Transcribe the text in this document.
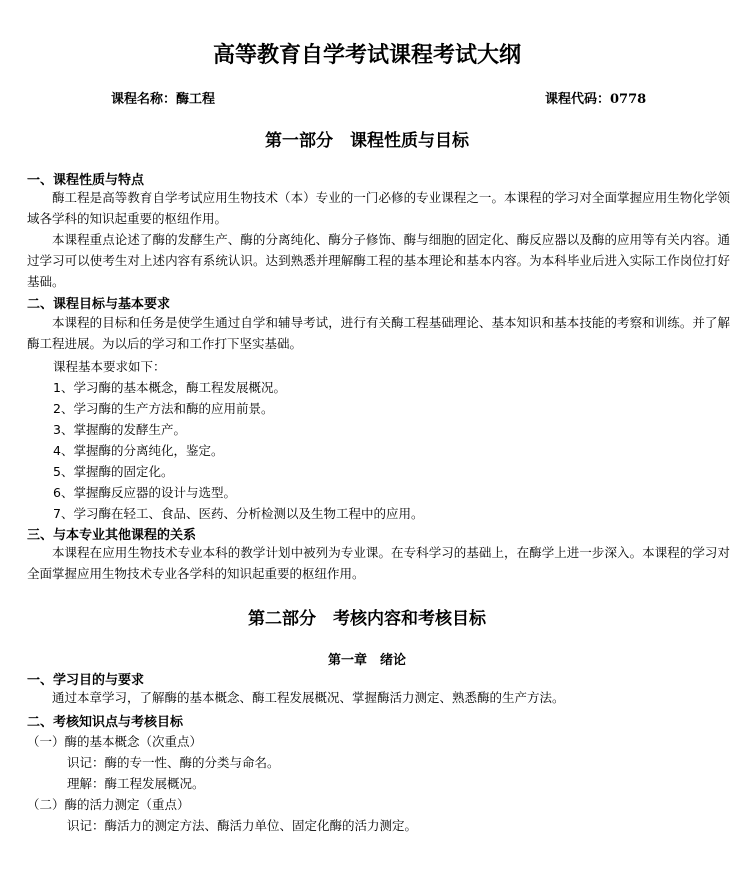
高等教育自学考试课程考试大纲
课程名称：酶工程	课程代码：0778
第一部分　课程性质与目标
一、课程性质与特点
酶工程是高等教育自学考试应用生物技术（本）专业的一门必修的专业课程之一。本课程的学习对全面掌握应用生物化学领域各学科的知识起重要的枢纽作用。
本课程重点论述了酶的发酵生产、酶的分离纯化、酶分子修饰、酶与细胞的固定化、酶反应器以及酶的应用等有关内容。通过学习可以使考生对上述内容有系统认识。达到熟悉并理解酶工程的基本理论和基本内容。为本科毕业后进入实际工作岗位打好基础。
二、课程目标与基本要求
本课程的目标和任务是使学生通过自学和辅导考试，进行有关酶工程基础理论、基本知识和基本技能的考察和训练。并了解酶工程进展。为以后的学习和工作打下坚实基础。
课程基本要求如下：
1、学习酶的基本概念，酶工程发展概况。
2、学习酶的生产方法和酶的应用前景。
3、掌握酶的发酵生产。
4、掌握酶的分离纯化，鉴定。
5、掌握酶的固定化。
6、掌握酶反应器的设计与选型。
7、学习酶在轻工、食品、医药、分析检测以及生物工程中的应用。
三、与本专业其他课程的关系
本课程在应用生物技术专业本科的教学计划中被列为专业课。在专科学习的基础上，在酶学上进一步深入。本课程的学习对全面掌握应用生物技术专业各学科的知识起重要的枢纽作用。
第二部分　考核内容和考核目标
第一章　绪论
一、学习目的与要求
通过本章学习，了解酶的基本概念、酶工程发展概况、掌握酶活力测定、熟悉酶的生产方法。
二、考核知识点与考核目标
（一）酶的基本概念（次重点）
识记：酶的专一性、酶的分类与命名。
理解：酶工程发展概况。
（二）酶的活力测定（重点）
识记：酶活力的测定方法、酶活力单位、固定化酶的活力测定。
